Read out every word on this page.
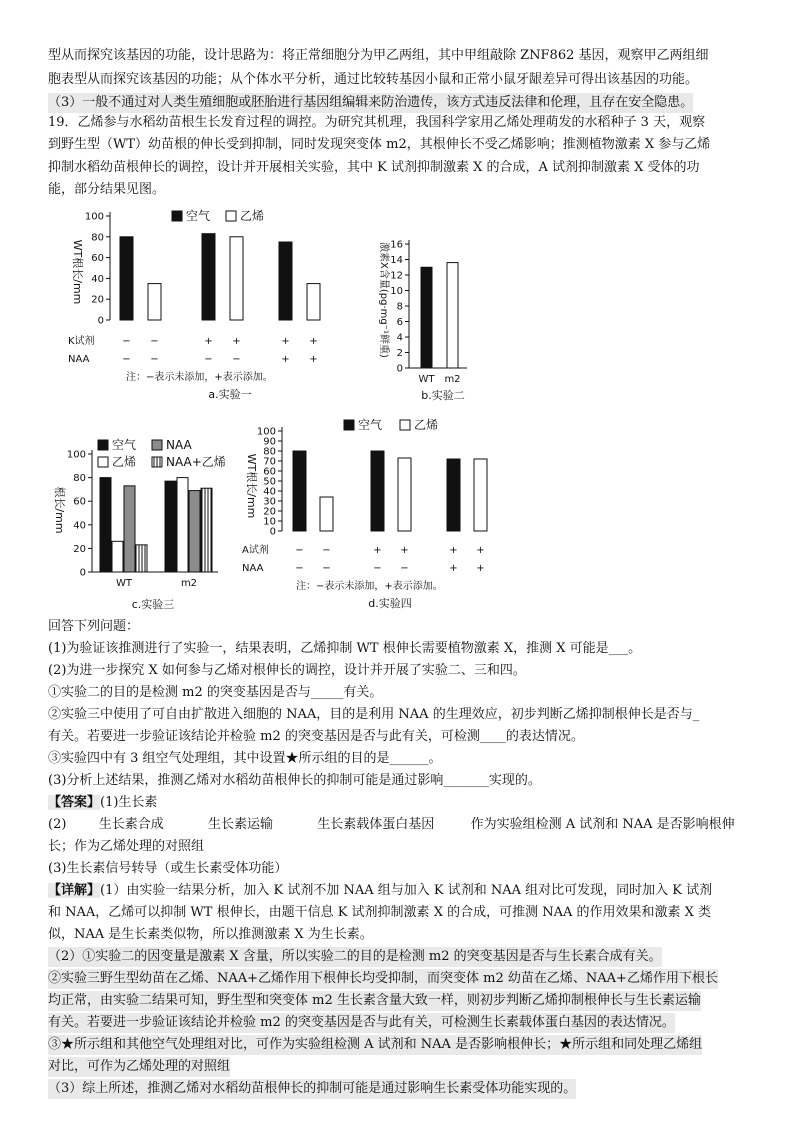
型从而探究该基因的功能，设计思路为：将正常细胞分为甲乙两组，其中甲组敲除 ZNF862 基因，观察甲乙两组细
胞表型从而探究该基因的功能；从个体水平分析，通过比较转基因小鼠和正常小鼠牙龈差异可得出该基因的功能。
（3）一般不通过对人类生殖细胞或胚胎进行基因组编辑来防治遗传，该方式违反法律和伦理，且存在安全隐患。
19．乙烯参与水稻幼苗根生长发育过程的调控。为研究其机理，我国科学家用乙烯处理萌发的水稻种子 3 天，观察
到野生型（WT）幼苗根的伸长受到抑制，同时发现突变体 m2，其根伸长不受乙烯影响；推测植物激素 X 参与乙烯
抑制水稻幼苗根伸长的调控，设计并开展相关实验，其中 K 试剂抑制激素 X 的合成，A 试剂抑制激素 X 受体的功
能，部分结果见图。
WT根长/mm
K试剂
NAA
注：−表示未添加，+表示添加。
a.实验一
0
20
40
60
80
100
−
−
−
−
+
−
+
−
+
+
+
+
空气 乙烯
激素X含量(pg·mg⁻¹鲜重)
b.实验二
0
2
4
6
8
10
12
14
16
WT m2
根长/mm
c.实验三
0
20
40
60
80
100
WT	m2
空气 NAA
乙烯 NAA+乙烯 WT根长/mm
A试剂
NAA
注：−表示未添加，+表示添加。
d.实验四
0
10
20
30
40
50
60
70
80
90
100
−
−
−
−
+
−
+
−
+
+
+
+
空气	乙烯
回答下列问题：
(1)为验证该推测进行了实验一，结果表明，乙烯抑制 WT 根伸长需要植物激素 X，推测 X 可能是___。
(2)为进一步探究 X 如何参与乙烯对根伸长的调控，设计并开展了实验二、三和四。
①实验二的目的是检测 m2 的突变基因是否与_____有关。
②实验三中使用了可自由扩散进入细胞的 NAA，目的是利用 NAA 的生理效应，初步判断乙烯抑制根伸长是否与_
有关。若要进一步验证该结论并检验 m2 的突变基因是否与此有关，可检测____的表达情况。
③实验四中有 3 组空气处理组，其中设置★所示组的目的是______。
(3)分析上述结果，推测乙烯对水稻幼苗根伸长的抑制可能是通过影响_______实现的。
【答案】(1)生长素
(2) 生长素合成	生长素运输	生长素载体蛋白基因	作为实验组检测 A 试剂和 NAA 是否影响根伸
长；作为乙烯处理的对照组
(3)生长素信号转导（或生长素受体功能）
【详解】(1）由实验一结果分析，加入 K 试剂不加 NAA 组与加入 K 试剂和 NAA 组对比可发现，同时加入 K 试剂
和 NAA，乙烯可以抑制 WT 根伸长，由题干信息 K 试剂抑制激素 X 的合成，可推测 NAA 的作用效果和激素 X 类
似，NAA 是生长素类似物，所以推测激素 X 为生长素。
（2）①实验二的因变量是激素 X 含量，所以实验二的目的是检测 m2 的突变基因是否与生长素合成有关。
②实验三野生型幼苗在乙烯、NAA+乙烯作用下根伸长均受抑制，而突变体 m2 幼苗在乙烯、NAA+乙烯作用下根长
均正常，由实验二结果可知，野生型和突变体 m2 生长素含量大致一样，则初步判断乙烯抑制根伸长与生长素运输
有关。若要进一步验证该结论并检验 m2 的突变基因是否与此有关，可检测生长素载体蛋白基因的表达情况。
③★所示组和其他空气处理组对比，可作为实验组检测 A 试剂和 NAA 是否影响根伸长；★所示组和同处理乙烯组
对比，可作为乙烯处理的对照组
（3）综上所述，推测乙烯对水稻幼苗根伸长的抑制可能是通过影响生长素受体功能实现的。
